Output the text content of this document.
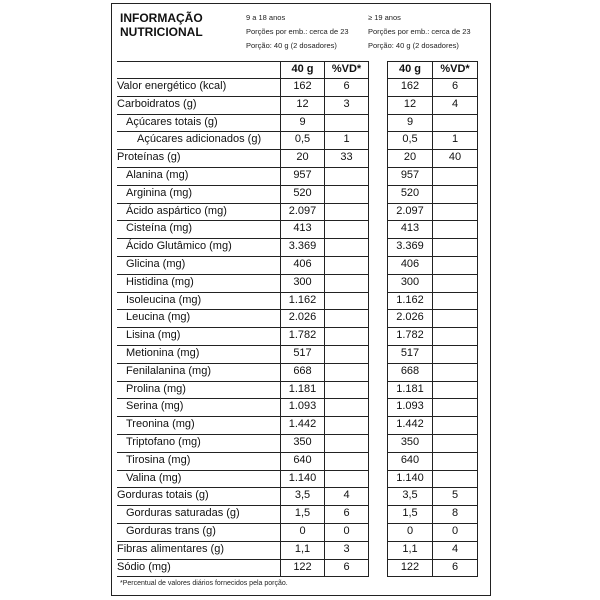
INFORMAÇÃO
NUTRICIONAL
9 a 18 anos
Porções por emb.: cerca de 23
Porção: 40 g (2 dosadores)
≥ 19 anos
Porções por emb.: cerca de 23
Porção: 40 g (2 dosadores)
	40 g	%VD*		40 g	%VD*
Valor energético (kcal)	162	6		162	6
Carboidratos (g)	12	3		12	4
Açúcares totais (g)	9			9	
Açúcares adicionados (g)	0,5	1		0,5	1
Proteínas (g)	20	33		20	40
Alanina (mg)	957			957	
Arginina (mg)	520			520	
Ácido aspártico (mg)	2.097			2.097	
Cisteína (mg)	413			413	
Ácido Glutâmico (mg)	3.369			3.369	
Glicina (mg)	406			406	
Histidina (mg)	300			300	
Isoleucina (mg)	1.162			1.162	
Leucina (mg)	2.026			2.026	
Lisina (mg)	1.782			1.782	
Metionina (mg)	517			517	
Fenilalanina (mg)	668			668	
Prolina (mg)	1.181			1.181	
Serina (mg)	1.093			1.093	
Treonina (mg)	1.442			1.442	
Triptofano (mg)	350			350	
Tirosina (mg)	640			640	
Valina (mg)	1.140			1.140	
Gorduras totais (g)	3,5	4		3,5	5
Gorduras saturadas (g)	1,5	6		1,5	8
Gorduras trans (g)	0	0		0	0
Fibras alimentares (g)	1,1	3		1,1	4
Sódio (mg)	122	6		122	6
*Percentual de valores diários fornecidos pela porção.
